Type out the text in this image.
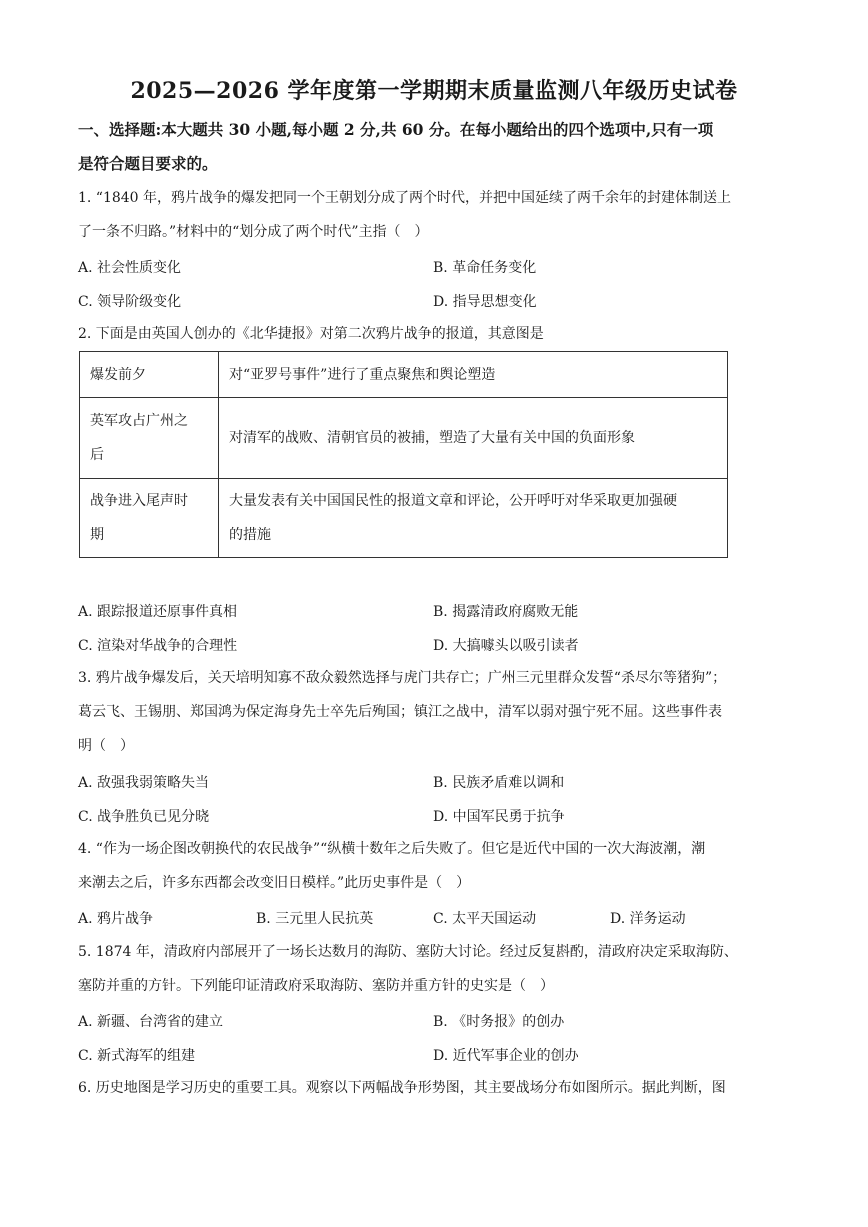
2025—2026 学年度第一学期期末质量监测八年级历史试卷
一、选择题:本大题共 30 小题,每小题 2 分,共 60 分。在每小题给出的四个选项中,只有一项
是符合题目要求的。
1. “1840 年，鸦片战争的爆发把同一个王朝划分成了两个时代，并把中国延续了两千余年的封建体制送上
了一条不归路。”材料中的“划分成了两个时代”主指（　）
A. 社会性质变化	B. 革命任务变化
C. 领导阶级变化	D. 指导思想变化
2. 下面是由英国人创办的《北华捷报》对第二次鸦片战争的报道，其意图是
爆发前夕	对“亚罗号事件”进行了重点聚焦和舆论塑造
英军攻占广州之
后	对清军的战败、清朝官员的被捕，塑造了大量有关中国的负面形象
战争进入尾声时
期	大量发表有关中国国民性的报道文章和评论，公开呼吁对华采取更加强硬
的措施
A. 跟踪报道还原事件真相	B. 揭露清政府腐败无能
C. 渲染对华战争的合理性	D. 大搞噱头以吸引读者
3. 鸦片战争爆发后，关天培明知寡不敌众毅然选择与虎门共存亡；广州三元里群众发誓“杀尽尔等猪狗”；
葛云飞、王锡朋、郑国鸿为保定海身先士卒先后殉国；镇江之战中，清军以弱对强宁死不屈。这些事件表
明（　）
A. 敌强我弱策略失当	B. 民族矛盾难以调和
C. 战争胜负已见分晓	D. 中国军民勇于抗争
4. “作为一场企图改朝换代的农民战争”“纵横十数年之后失败了。但它是近代中国的一次大海波潮，潮
来潮去之后，许多东西都会改变旧日模样。”此历史事件是（　）
A. 鸦片战争	B. 三元里人民抗英	C. 太平天国运动	D. 洋务运动
5. 1874 年，清政府内部展开了一场长达数月的海防、塞防大讨论。经过反复斟酌，清政府决定采取海防、
塞防并重的方针。下列能印证清政府采取海防、塞防并重方针的史实是（　）
A. 新疆、台湾省的建立	B. 《时务报》的创办
C. 新式海军的组建	D. 近代军事企业的创办
6. 历史地图是学习历史的重要工具。观察以下两幅战争形势图，其主要战场分布如图所示。据此判断，图
